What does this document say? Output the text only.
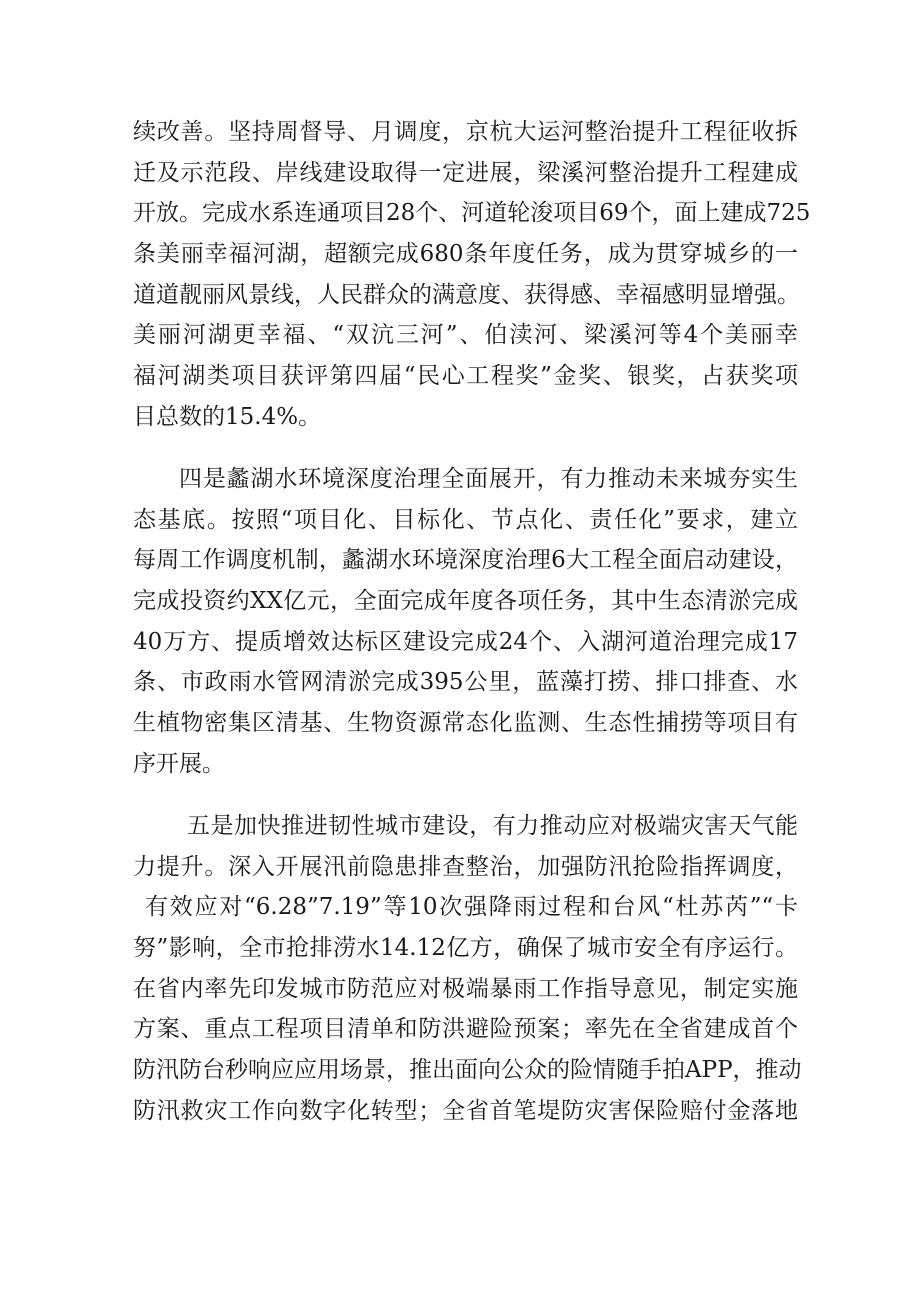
续改善。坚持周督导、月调度，京杭大运河整治提升工程征收拆
迁及示范段、岸线建设取得一定进展，梁溪河整治提升工程建成
开放。完成水系连通项目28个、河道轮浚项目69个，面上建成725
条美丽幸福河湖，超额完成680条年度任务，成为贯穿城乡的一
道道靓丽风景线，人民群众的满意度、获得感、幸福感明显增强。
美丽河湖更幸福、“双沆三河”、伯渎河、梁溪河等4个美丽幸
福河湖类项目获评第四届“民心工程奖”金奖、银奖，占获奖项
目总数的15.4%。
四是蠡湖水环境深度治理全面展开，有力推动未来城夯实生
态基底。按照“项目化、目标化、节点化、责任化”要求，建立
每周工作调度机制，蠡湖水环境深度治理6大工程全面启动建设，
完成投资约XX亿元，全面完成年度各项任务，其中生态清淤完成
40万方、提质增效达标区建设完成24个、入湖河道治理完成17
条、市政雨水管网清淤完成395公里，蓝藻打捞、排口排查、水
生植物密集区清基、生物资源常态化监测、生态性捕捞等项目有
序开展。
五是加快推进韧性城市建设，有力推动应对极端灾害天气能
力提升。深入开展汛前隐患排查整治，加强防汛抢险指挥调度，
有效应对“6.28”7.19”等10次强降雨过程和台风“杜苏芮”“卡
努”影响，全市抢排涝水14.12亿方，确保了城市安全有序运行。
在省内率先印发城市防范应对极端暴雨工作指导意见，制定实施
方案、重点工程项目清单和防洪避险预案；率先在全省建成首个
防汛防台秒响应应用场景，推出面向公众的险情随手拍APP，推动
防汛救灾工作向数字化转型；全省首笔堤防灾害保险赔付金落地
